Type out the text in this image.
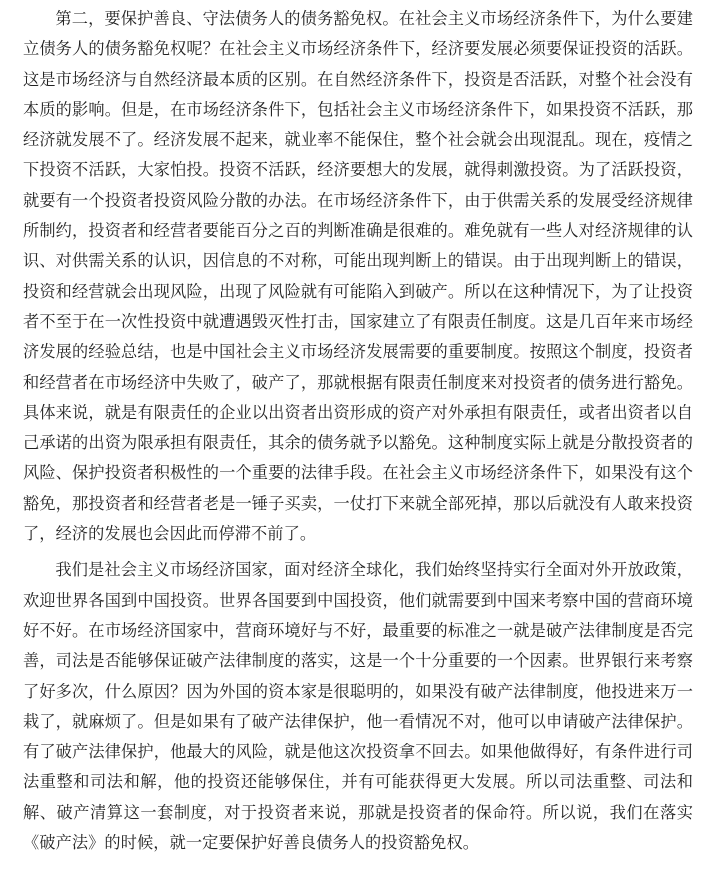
第二，要保护善良、守法债务人的债务豁免权。在社会主义市场经济条件下，为什么要建立债务人的债务豁免权呢？在社会主义市场经济条件下，经济要发展必须要保证投资的活跃。这是市场经济与自然经济最本质的区别。在自然经济条件下，投资是否活跃，对整个社会没有本质的影响。但是，在市场经济条件下，包括社会主义市场经济条件下，如果投资不活跃，那经济就发展不了。经济发展不起来，就业率不能保住，整个社会就会出现混乱。现在，疫情之下投资不活跃，大家怕投。投资不活跃，经济要想大的发展，就得刺激投资。为了活跃投资，就要有一个投资者投资风险分散的办法。在市场经济条件下，由于供需关系的发展受经济规律所制约，投资者和经营者要能百分之百的判断准确是很难的。难免就有一些人对经济规律的认识、对供需关系的认识，因信息的不对称，可能出现判断上的错误。由于出现判断上的错误，投资和经营就会出现风险，出现了风险就有可能陷入到破产。所以在这种情况下，为了让投资者不至于在一次性投资中就遭遇毁灭性打击，国家建立了有限责任制度。这是几百年来市场经济发展的经验总结，也是中国社会主义市场经济发展需要的重要制度。按照这个制度，投资者和经营者在市场经济中失败了，破产了，那就根据有限责任制度来对投资者的债务进行豁免。具体来说，就是有限责任的企业以出资者出资形成的资产对外承担有限责任，或者出资者以自己承诺的出资为限承担有限责任，其余的债务就予以豁免。这种制度实际上就是分散投资者的风险、保护投资者积极性的一个重要的法律手段。在社会主义市场经济条件下，如果没有这个豁免，那投资者和经营者老是一锤子买卖，一仗打下来就全部死掉，那以后就没有人敢来投资了，经济的发展也会因此而停滞不前了。

我们是社会主义市场经济国家，面对经济全球化，我们始终坚持实行全面对外开放政策，欢迎世界各国到中国投资。世界各国要到中国投资，他们就需要到中国来考察中国的营商环境好不好。在市场经济国家中，营商环境好与不好，最重要的标准之一就是破产法律制度是否完善，司法是否能够保证破产法律制度的落实，这是一个十分重要的一个因素。世界银行来考察了好多次，什么原因？因为外国的资本家是很聪明的，如果没有破产法律制度，他投进来万一栽了，就麻烦了。但是如果有了破产法律保护，他一看情况不对，他可以申请破产法律保护。有了破产法律保护，他最大的风险，就是他这次投资拿不回去。如果他做得好，有条件进行司法重整和司法和解，他的投资还能够保住，并有可能获得更大发展。所以司法重整、司法和解、破产清算这一套制度，对于投资者来说，那就是投资者的保命符。所以说，我们在落实《破产法》的时候，就一定要保护好善良债务人的投资豁免权。
